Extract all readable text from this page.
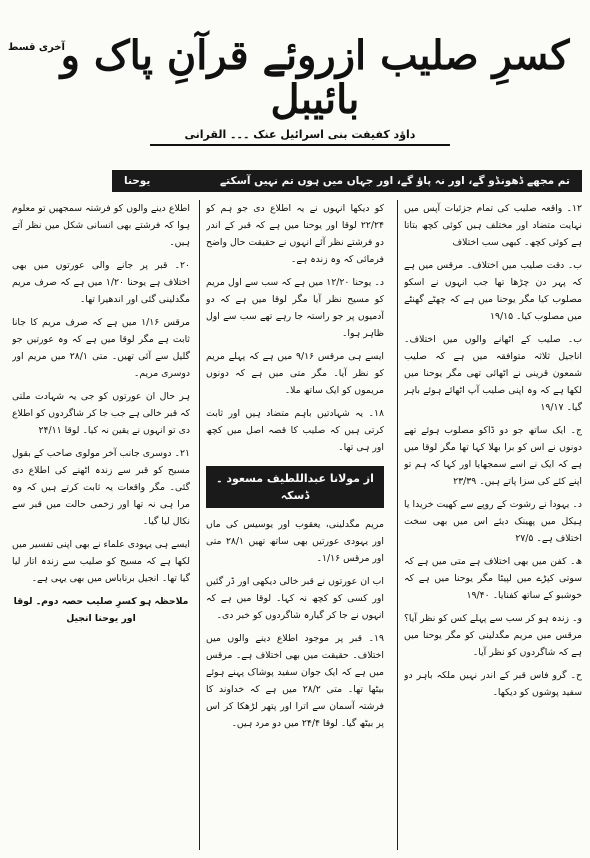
آخری قسط
کسرِ صلیب ازروئے قرآنِ پاک و بائیبل
داؤد کفیفت بنی اسرائیل عنک ۔۔۔ القرانی
تم مجھے ڈھونڈو گے، اور نہ پاؤ گے، اور جہاں میں ہوں تم نہیں آسکتے
یوحنا

۱۲۔ واقعہ صلیب کی تمام جزئیات آپس میں نہایت متضاد اور مختلف ہیں کوئی کچھ بتاتا ہے کوئی کچھ۔ کبھی سب اختلاف

ب۔ دقت صلیب میں اختلاف۔ مرقس میں ہے کہ پہر دن چڑھا تھا جب انہوں نے اسکو مصلوب کیا مگر یوحنا میں ہے کہ چھٹے گھنٹے میں مصلوب کیا۔ ۱۹/۱۵

ب۔ صلیب کے اٹھانے والوں میں اختلاف۔ اناجیل ثلاثہ متوافقہ میں ہے کہ صلیب شمعون قرینی نے اٹھائی تھی مگر یوحنا میں لکھا ہے کہ وہ اپنی صلیب آپ اٹھائے ہوئے باہر گیا۔ ۱۹/۱۷

ج۔ ایک ساتھ جو دو ڈاکو مصلوب ہوئے تھے دونوں نے اس کو برا بھلا کہا تھا مگر لوقا میں ہے کہ ایک نے اسے سمجھایا اور کہا کہ ہم تو اپنے کئے کی سزا پاتے ہیں۔ ۲۳/۳۹

د۔ یہودا نے رشوت کے روپے سے کھیت خریدا یا ہیکل میں پھینک دیئے اس میں بھی سخت اختلاف ہے۔ ۲۷/۵

ھ۔ کفن میں بھی اختلاف ہے متی میں ہے کہ سوتی کپڑے میں لپیٹا مگر یوحنا میں ہے کہ خوشبو کے ساتھ کفنایا۔ ۱۹/۴۰

و۔ زندہ ہو کر سب سے پہلے کس کو نظر آیا؟ مرقس میں مریم مگدلینی کو مگر یوحنا میں ہے کہ شاگردوں کو نظر آیا۔

ح۔ گرو فاس قبر کے اندر نہیں ملکہ باہر دو سفید پوشوں کو دیکھا۔

کو دیکھا انہوں نے یہ اطلاع دی جو ہم کو ۲۲/۲۴ لوقا اور یوحنا میں ہے کہ قبر کے اندر دو فرشتے نظر آئے انہوں نے حقیقت حال واضح فرمائی کہ وہ زندہ ہے۔

د۔ یوحنا ۱۲/۲۰ میں ہے کہ سب سے اول مریم کو مسیح نظر آیا مگر لوقا میں ہے کہ دو آدمیوں پر جو راستہ جا رہے تھے سب سے اول ظاہر ہوا۔

ایسے ہی مرقس ۹/۱۶ میں ہے کہ پہلے مریم کو نظر آیا۔ مگر متی میں ہے کہ دونوں مریموں کو ایک ساتھ ملا۔

۱۸۔ یہ شہادتیں باہم متضاد ہیں اور ثابت کرتی ہیں کہ صلیب کا قصہ اصل میں کچھ اور ہی تھا۔

از مولانا عبداللطیف مسعود ۔ ڈسکہ

مریم مگدلینی، یعقوب اور یوسیس کی ماں اور یہودی عورتیں بھی ساتھ تھیں ۲۸/۱ متی اور مرقس ۱/۱۶۔

اب ان عورتوں نے قبر خالی دیکھی اور ڈر گئیں اور کسی کو کچھ نہ کہا۔ لوقا میں ہے کہ انہوں نے جا کر گیارہ شاگردوں کو خبر دی۔

۱۹۔ قبر پر موجود اطلاع دینے والوں میں اختلاف۔ حقیقت میں بھی اختلاف ہے۔ مرقس میں ہے کہ ایک جوان سفید پوشاک پہنے ہوئے بیٹھا تھا۔ متی ۲۸/۲ میں ہے کہ خداوند کا فرشتہ آسمان سے اترا اور پتھر لڑھکا کر اس پر بیٹھ گیا۔ لوقا ۲۴/۴ میں دو مرد ہیں۔

اطلاع دینے والوں کو فرشتہ سمجھیں تو معلوم ہوا کہ فرشتے بھی انسانی شکل میں نظر آتے ہیں۔

۲۰۔ قبر پر جانے والی عورتوں میں بھی اختلاف ہے یوحنا ۱/۲۰ میں ہے کہ صرف مریم مگدلینی گئی اور اندھیرا تھا۔

مرقس ۱/۱۶ میں ہے کہ صرف مریم کا جانا ثابت ہے مگر لوقا میں ہے کہ وہ عورتیں جو گلیل سے آئی تھیں۔ متی ۲۸/۱ میں مریم اور دوسری مریم۔

ہر حال ان عورتوں کو جی یہ شہادت ملتی کہ قبر خالی ہے جب جا کر شاگردوں کو اطلاع دی تو انہوں نے یقین نہ کیا۔ لوقا ۲۴/۱۱

۲۱۔ دوسری جانب آخر مولوی صاحب کے بقول مسیح کو قبر سے زندہ اٹھنے کی اطلاع دی گئی۔ مگر واقعات یہ ثابت کرتے ہیں کہ وہ مرا ہی نہ تھا اور زخمی حالت میں قبر سے نکال لیا گیا۔

ایسے ہی یہودی علماء نے بھی اپنی تفسیر میں لکھا ہے کہ مسیح کو صلیب سے زندہ اتار لیا گیا تھا۔ انجیل برناباس میں بھی یہی ہے۔

ملاحظہ ہو کسرِ صلیب حصہ دوم۔ لوقا اور یوحنا انجیل
